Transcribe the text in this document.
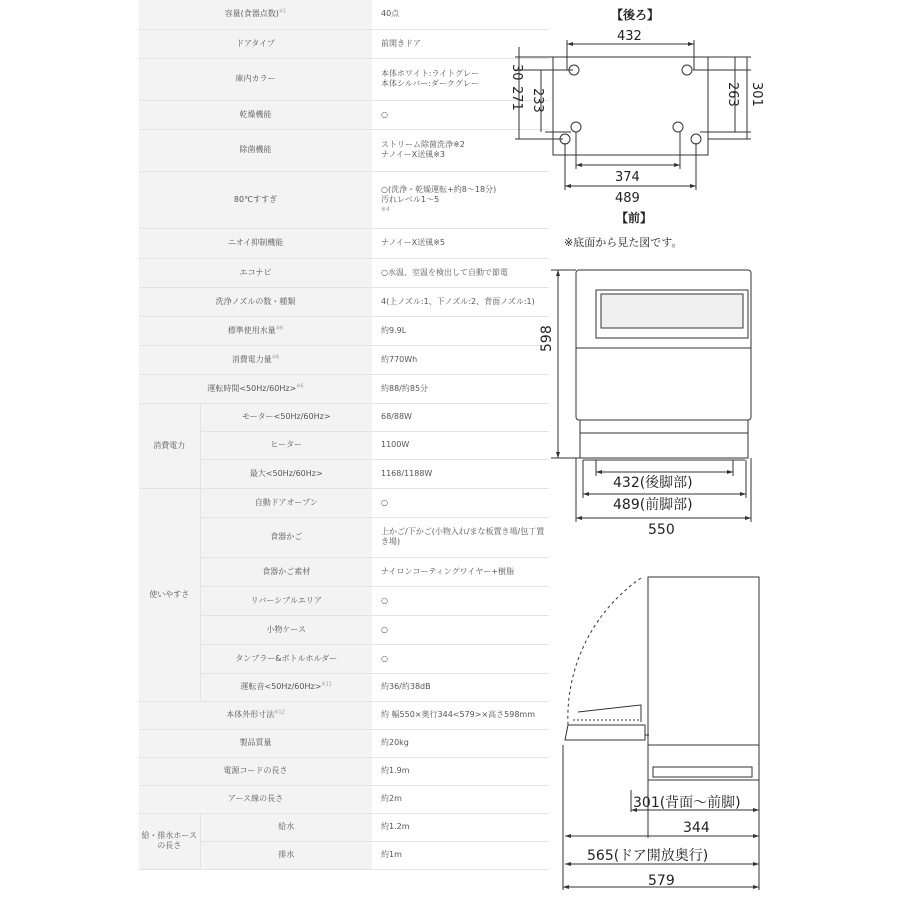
容量(食器点数)$^{※1}$		40点

ドアタイプ		前開きドア

庫内カラー		本体ホワイト:ライトグレー
本体シルバー:ダークグレー

乾燥機能		○

除菌機能		ストリーム除菌洗浄※2
ナノイーX送風※3

80℃すすぎ		○(洗浄・乾燥運転+約8～18分)
汚れレベル1～5
※4

ニオイ抑制機能		ナノイーX送風※5

エコナビ		○水温、室温を検出して自動で節電

洗浄ノズルの数・種類		4(上ノズル:1、下ノズル:2、背面ノズル:1)

標準使用水量$^{※6}$		約9.9L

消費電力量$^{※6}$		約770Wh

運転時間<50Hz/60Hz>$^{※6}$		約88/約85分

消費電力	モーター<50Hz/60Hz>	68/88W

	ヒーター	1100W

	最大<50Hz/60Hz>	1168/1188W

使いやすさ	自動ドアオープン	○

	食器かご	上かご/下かご(小物入れ/まな板置き場/包丁置
き場)

	食器かご素材	ナイロンコーティングワイヤー+樹脂

	リバーシブルエリア	○

	小物ケース	○

	タンブラー&ボトルホルダー	○

	運転音<50Hz/60Hz>$^{※11}$	約36/約38dB

本体外形寸法$^{※12}$		約 幅550×奥行344<579>×高さ598mm

製品質量		約20kg

電源コードの長さ		約1.9m

アース線の長さ		約2m

給・排水ホースの長さ	給水	約1.2m

	排水	約1m
【後ろ】
432
30
271 233	263 301
374
489
【前】
※底面から見た図です。
598
432(後脚部)
489(前脚部)
550
301(背面～前脚)
344
565(ドア開放奥行)
579
